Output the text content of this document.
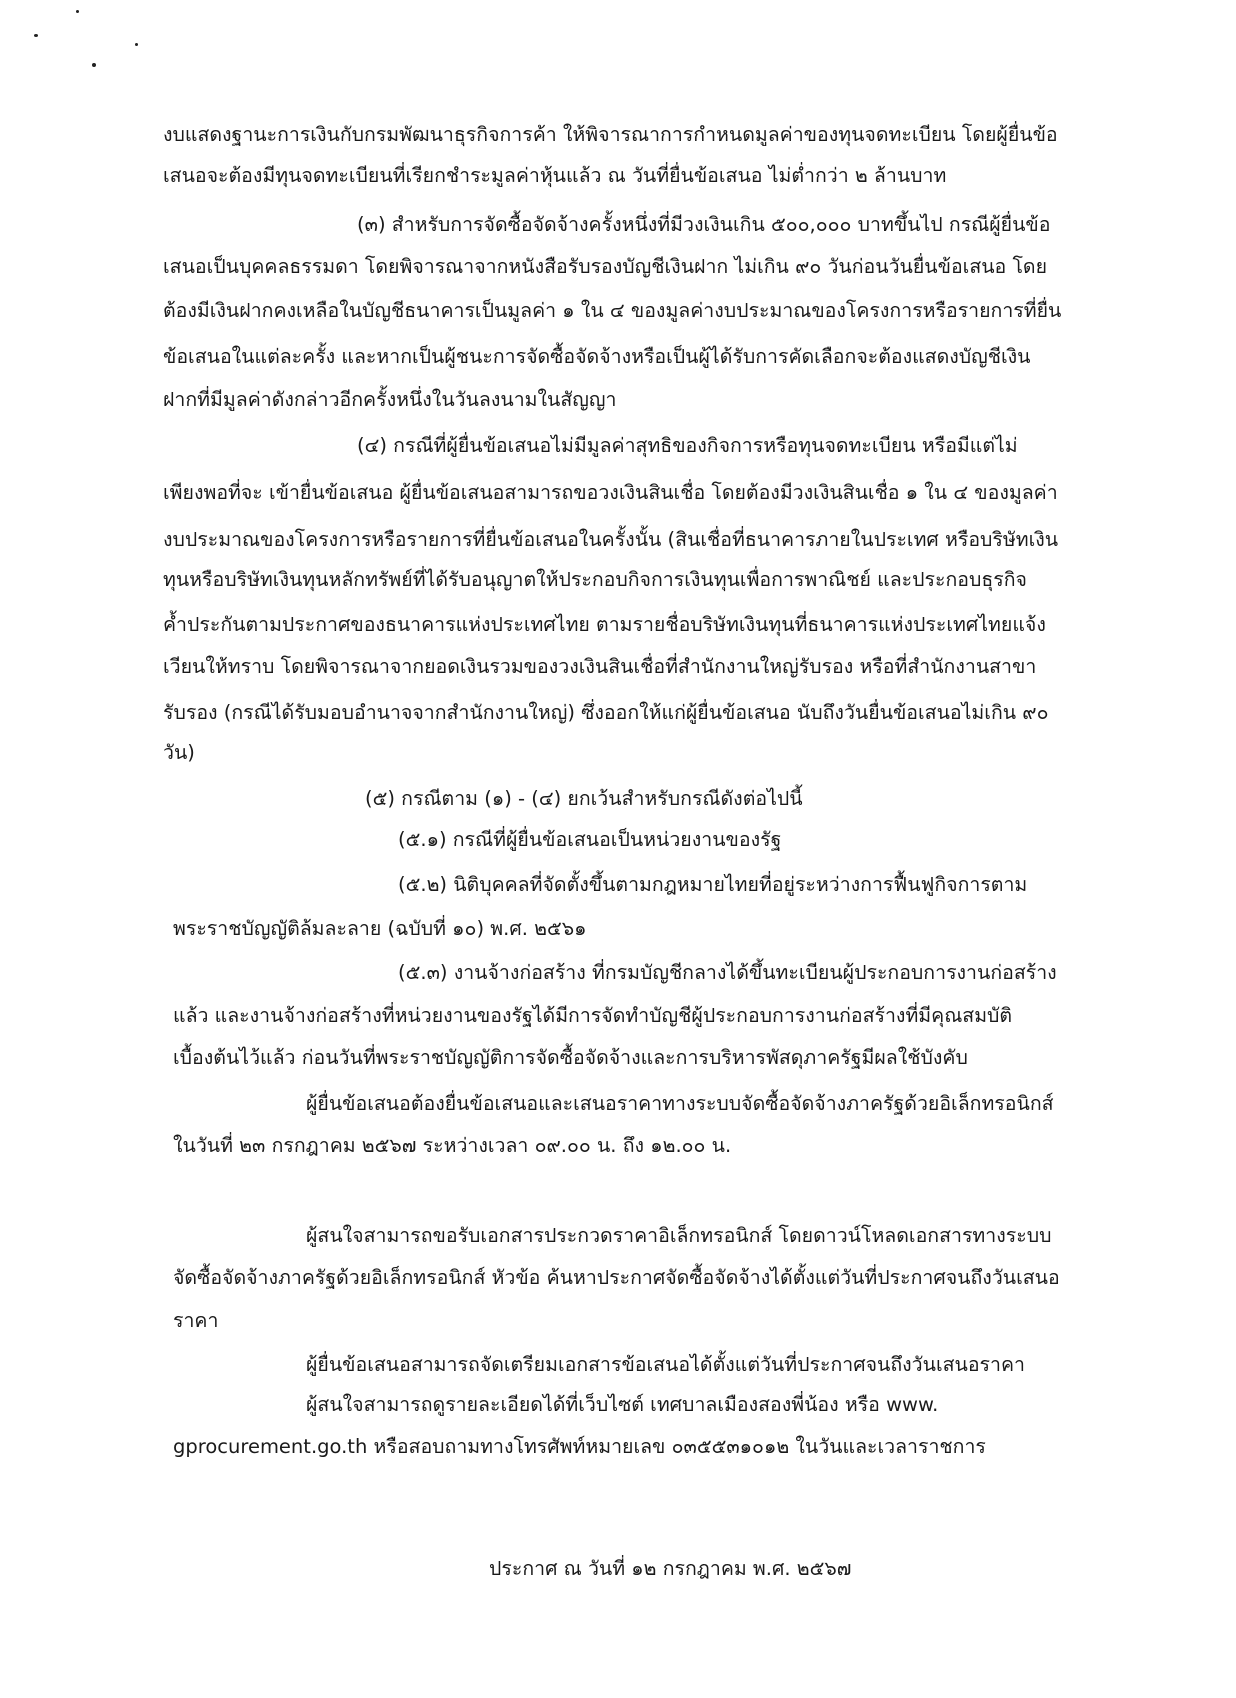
งบแสดงฐานะการเงินกับกรมพัฒนาธุรกิจการค้า ให้พิจารณาการกำหนดมูลค่าของทุนจดทะเบียน โดยผู้ยื่นข้อ
เสนอจะต้องมีทุนจดทะเบียนที่เรียกชำระมูลค่าหุ้นแล้ว ณ วันที่ยื่นข้อเสนอ ไม่ต่ำกว่า ๒ ล้านบาท
(๓) สำหรับการจัดซื้อจัดจ้างครั้งหนึ่งที่มีวงเงินเกิน ๕๐๐,๐๐๐ บาทขึ้นไป กรณีผู้ยื่นข้อ
เสนอเป็นบุคคลธรรมดา โดยพิจารณาจากหนังสือรับรองบัญชีเงินฝาก ไม่เกิน ๙๐ วันก่อนวันยื่นข้อเสนอ โดย
ต้องมีเงินฝากคงเหลือในบัญชีธนาคารเป็นมูลค่า ๑ ใน ๔ ของมูลค่างบประมาณของโครงการหรือรายการที่ยื่น
ข้อเสนอในแต่ละครั้ง และหากเป็นผู้ชนะการจัดซื้อจัดจ้างหรือเป็นผู้ได้รับการคัดเลือกจะต้องแสดงบัญชีเงิน
ฝากที่มีมูลค่าดังกล่าวอีกครั้งหนึ่งในวันลงนามในสัญญา
(๔) กรณีที่ผู้ยื่นข้อเสนอไม่มีมูลค่าสุทธิของกิจการหรือทุนจดทะเบียน หรือมีแต่ไม่
เพียงพอที่จะ เข้ายื่นข้อเสนอ ผู้ยื่นข้อเสนอสามารถขอวงเงินสินเชื่อ โดยต้องมีวงเงินสินเชื่อ ๑ ใน ๔ ของมูลค่า
งบประมาณของโครงการหรือรายการที่ยื่นข้อเสนอในครั้งนั้น (สินเชื่อที่ธนาคารภายในประเทศ หรือบริษัทเงิน
ทุนหรือบริษัทเงินทุนหลักทรัพย์ที่ได้รับอนุญาตให้ประกอบกิจการเงินทุนเพื่อการพาณิชย์ และประกอบธุรกิจ
ค้ำประกันตามประกาศของธนาคารแห่งประเทศไทย ตามรายชื่อบริษัทเงินทุนที่ธนาคารแห่งประเทศไทยแจ้ง
เวียนให้ทราบ โดยพิจารณาจากยอดเงินรวมของวงเงินสินเชื่อที่สำนักงานใหญ่รับรอง หรือที่สำนักงานสาขา
รับรอง (กรณีได้รับมอบอำนาจจากสำนักงานใหญ่) ซึ่งออกให้แก่ผู้ยื่นข้อเสนอ นับถึงวันยื่นข้อเสนอไม่เกิน ๙๐
วัน)
(๕) กรณีตาม (๑) - (๔) ยกเว้นสำหรับกรณีดังต่อไปนี้
(๕.๑) กรณีที่ผู้ยื่นข้อเสนอเป็นหน่วยงานของรัฐ
(๕.๒) นิติบุคคลที่จัดตั้งขึ้นตามกฎหมายไทยที่อยู่ระหว่างการฟื้นฟูกิจการตาม
พระราชบัญญัติล้มละลาย (ฉบับที่ ๑๐) พ.ศ. ๒๕๖๑
(๕.๓) งานจ้างก่อสร้าง ที่กรมบัญชีกลางได้ขึ้นทะเบียนผู้ประกอบการงานก่อสร้าง
แล้ว และงานจ้างก่อสร้างที่หน่วยงานของรัฐได้มีการจัดทำบัญชีผู้ประกอบการงานก่อสร้างที่มีคุณสมบัติ
เบื้องต้นไว้แล้ว ก่อนวันที่พระราชบัญญัติการจัดซื้อจัดจ้างและการบริหารพัสดุภาครัฐมีผลใช้บังคับ
ผู้ยื่นข้อเสนอต้องยื่นข้อเสนอและเสนอราคาทางระบบจัดซื้อจัดจ้างภาครัฐด้วยอิเล็กทรอนิกส์
ในวันที่ ๒๓ กรกฎาคม ๒๕๖๗ ระหว่างเวลา ๐๙.๐๐ น. ถึง ๑๒.๐๐ น.
ผู้สนใจสามารถขอรับเอกสารประกวดราคาอิเล็กทรอนิกส์ โดยดาวน์โหลดเอกสารทางระบบ
จัดซื้อจัดจ้างภาครัฐด้วยอิเล็กทรอนิกส์ หัวข้อ ค้นหาประกาศจัดซื้อจัดจ้างได้ตั้งแต่วันที่ประกาศจนถึงวันเสนอ
ราคา
ผู้ยื่นข้อเสนอสามารถจัดเตรียมเอกสารข้อเสนอได้ตั้งแต่วันที่ประกาศจนถึงวันเสนอราคา
ผู้สนใจสามารถดูรายละเอียดได้ที่เว็บไซต์ เทศบาลเมืองสองพี่น้อง หรือ www.
gprocurement.go.th หรือสอบถามทางโทรศัพท์หมายเลข ๐๓๕๕๓๑๐๑๒ ในวันและเวลาราชการ
ประกาศ ณ วันที่ ๑๒ กรกฎาคม พ.ศ. ๒๕๖๗
